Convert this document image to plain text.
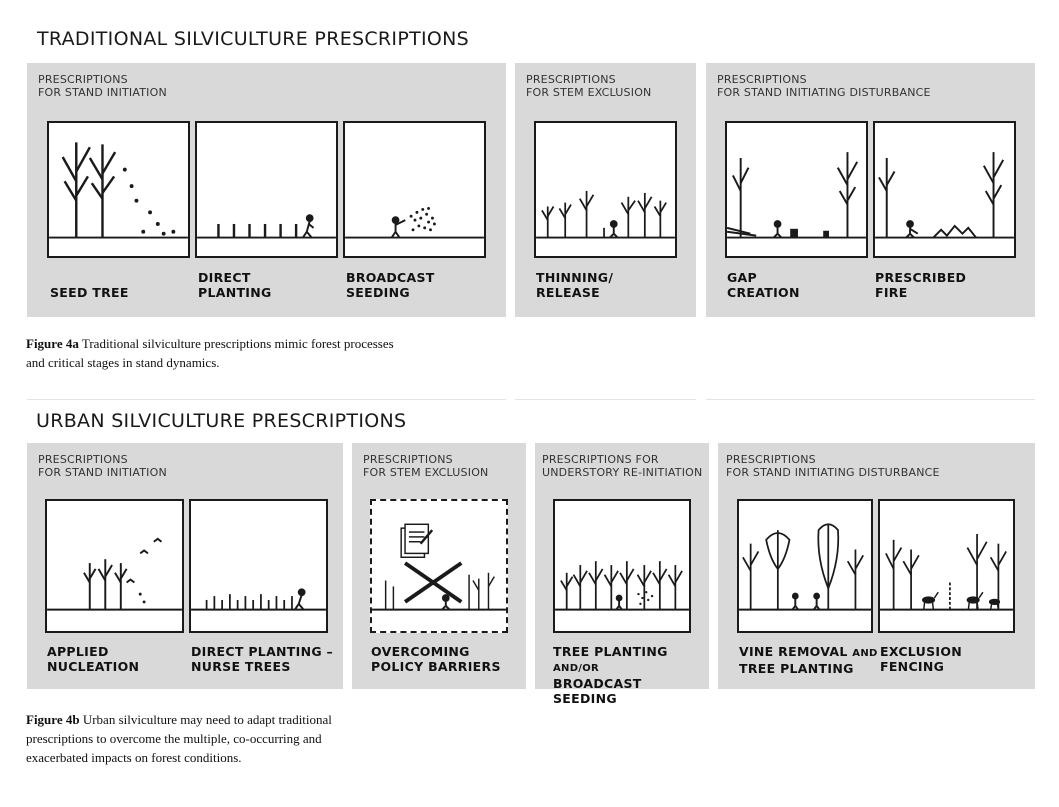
TRADITIONAL SILVICULTURE PRESCRIPTIONS
PRESCRIPTIONS
FOR STAND INITIATION
SEED TREE
DIRECT
PLANTING
BROADCAST
SEEDING
PRESCRIPTIONS
FOR STEM EXCLUSION
THINNING/
RELEASE
PRESCRIPTIONS
FOR STAND INITIATING DISTURBANCE
GAP
CREATION
PRESCRIBED
FIRE
Figure 4a Traditional silviculture prescriptions mimic forest processes and critical stages in stand dynamics.
URBAN SILVICULTURE PRESCRIPTIONS
PRESCRIPTIONS
FOR STAND INITIATION
APPLIED
NUCLEATION
DIRECT PLANTING –
NURSE TREES
PRESCRIPTIONS
FOR STEM EXCLUSION
OVERCOMING
POLICY BARRIERS
PRESCRIPTIONS FOR
UNDERSTORY RE-INITIATION
TREE PLANTING AND/OR
BROADCAST SEEDING
PRESCRIPTIONS
FOR STAND INITIATING DISTURBANCE
VINE REMOVAL AND
TREE PLANTING
EXCLUSION
FENCING
Figure 4b Urban silviculture may need to adapt traditional prescriptions to overcome the multiple, co-occurring and exacerbated impacts on forest conditions.
